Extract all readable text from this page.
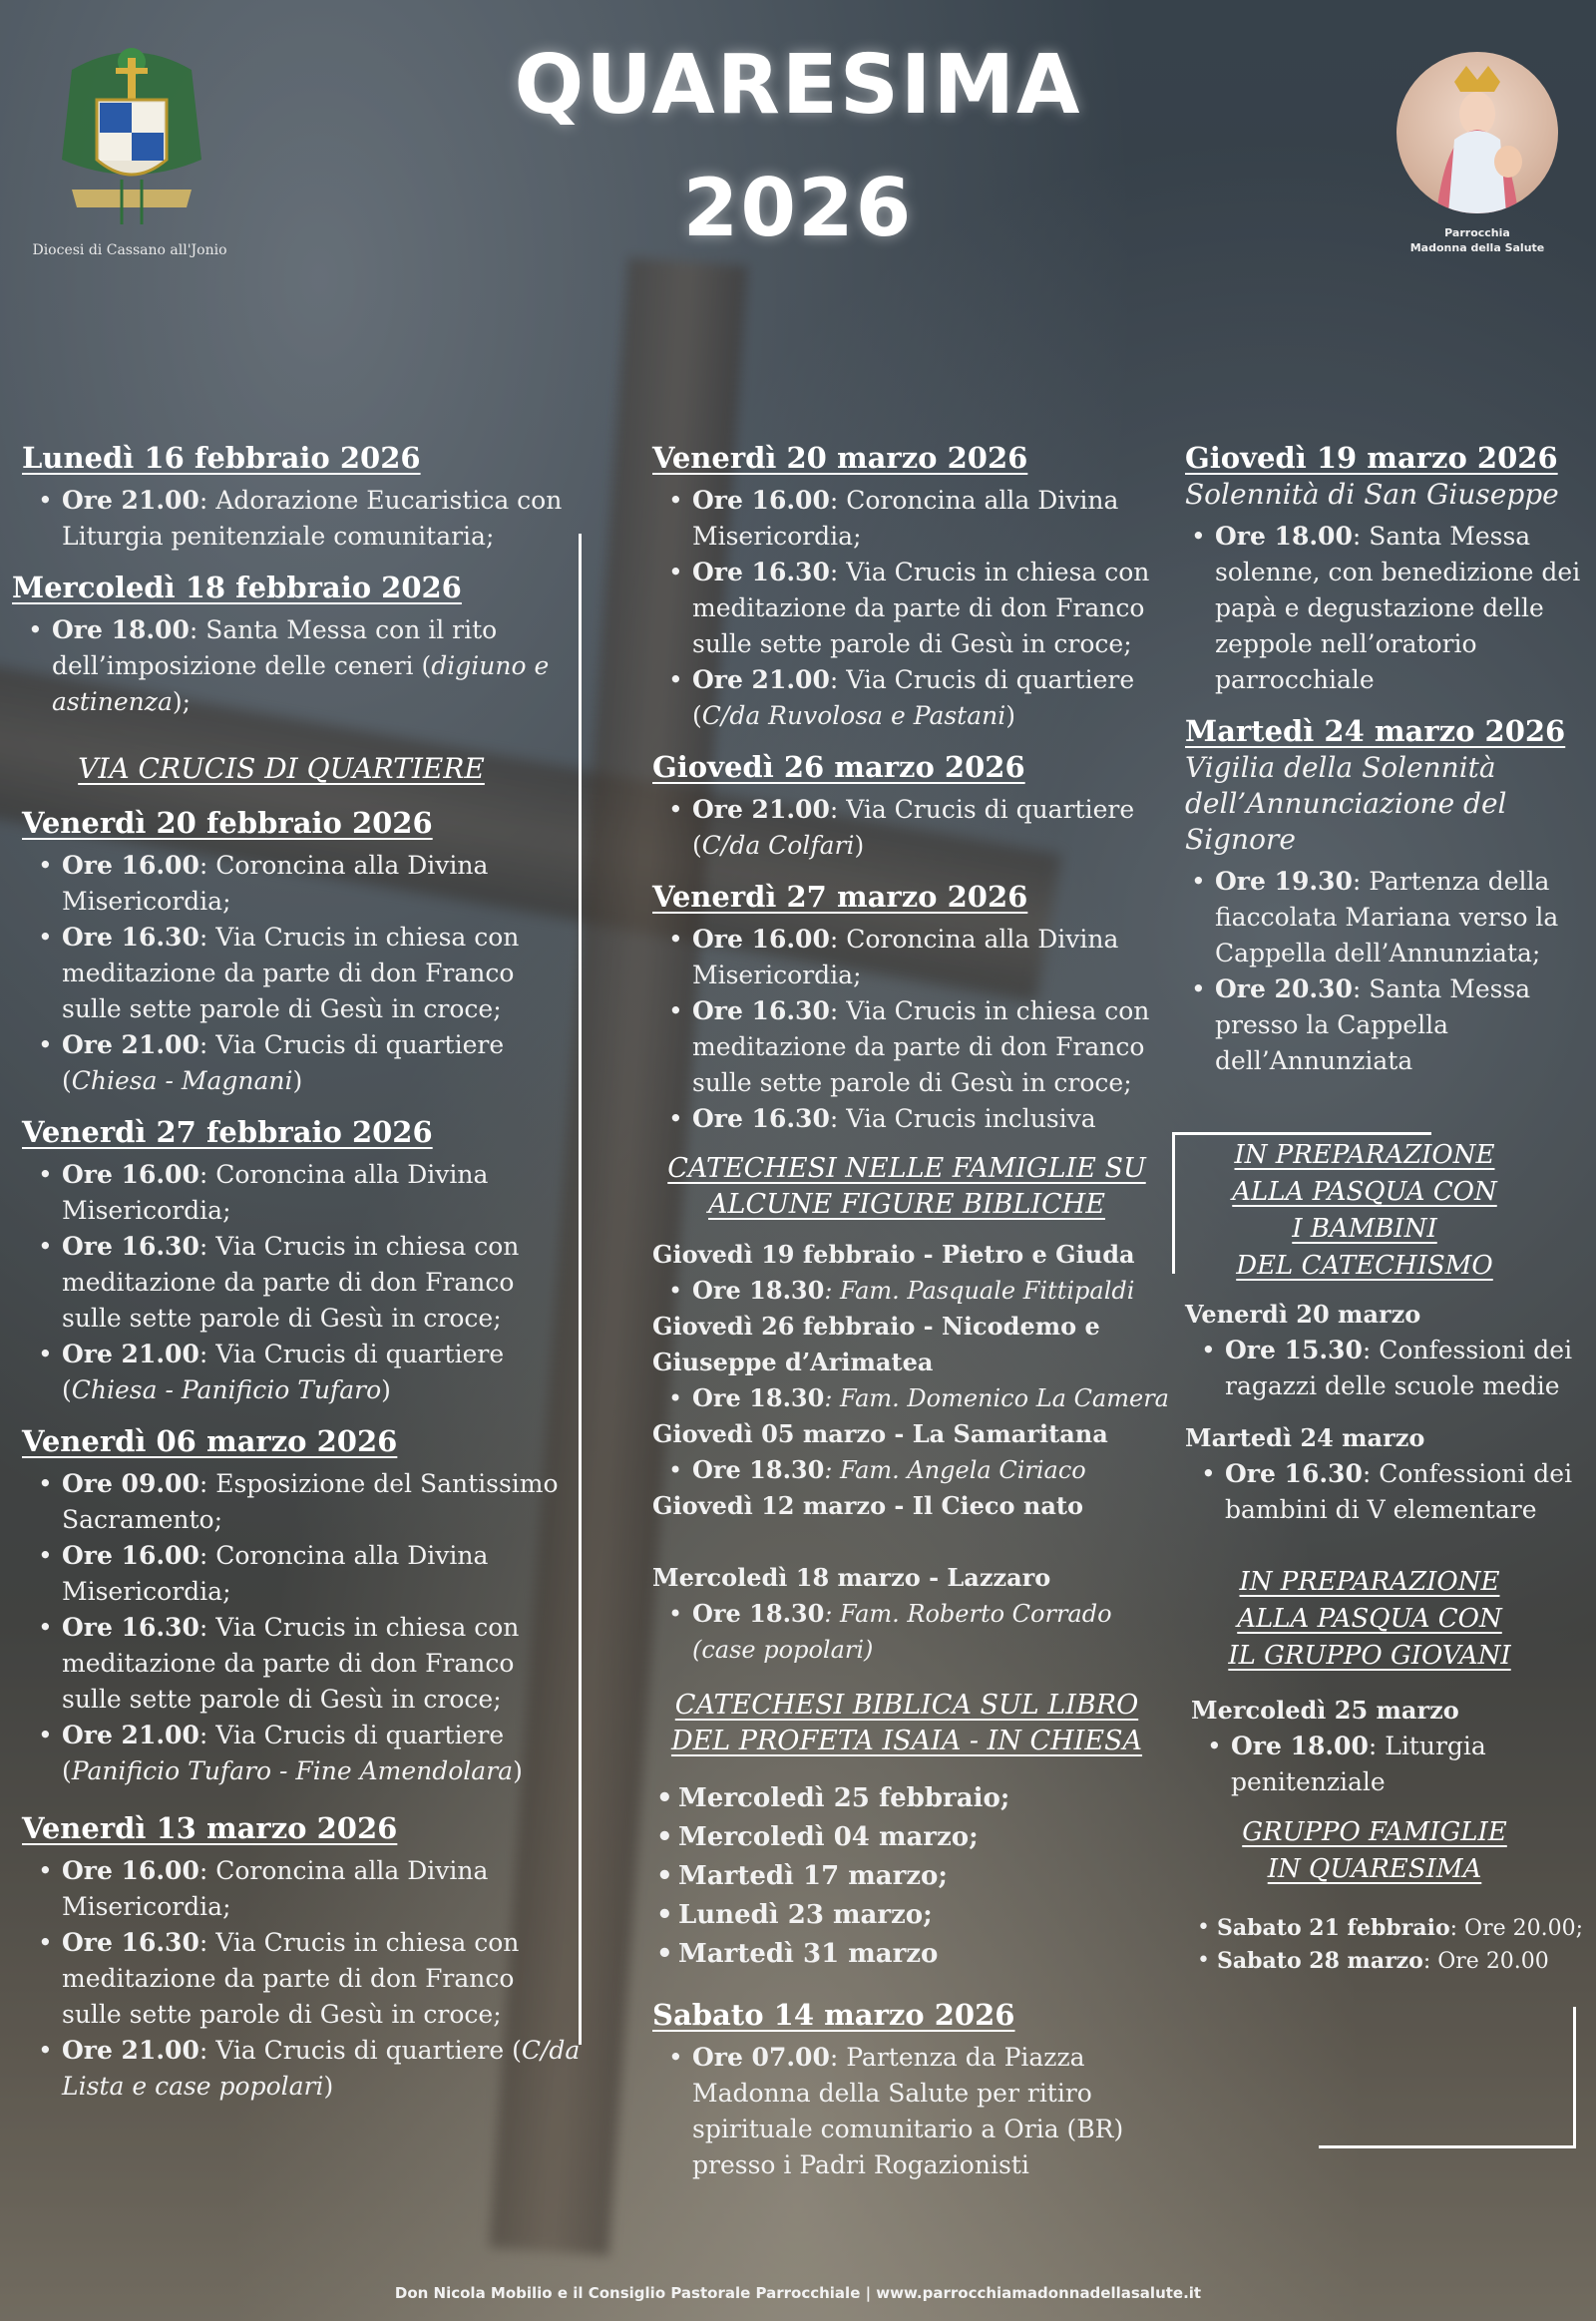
Diocesi di Cassano all'Jonio
QUARESIMA
2026	Parrocchia
Madonna della Salute
Lunedì 16 febbraio 2026
• Ore 21.00: Adorazione Eucaristica con Liturgia penitenziale comunitaria;
Mercoledì 18 febbraio 2026
• Ore 18.00: Santa Messa con il rito dell’imposizione delle ceneri (digiuno e astinenza);
VIA CRUCIS DI QUARTIERE
Venerdì 20 febbraio 2026
• Ore 16.00: Coroncina alla Divina Misericordia;
• Ore 16.30: Via Crucis in chiesa con meditazione da parte di don Franco sulle sette parole di Gesù in croce;
• Ore 21.00: Via Crucis di quartiere (Chiesa - Magnani)
Venerdì 27 febbraio 2026
• Ore 16.00: Coroncina alla Divina Misericordia;
• Ore 16.30: Via Crucis in chiesa con meditazione da parte di don Franco sulle sette parole di Gesù in croce;
• Ore 21.00: Via Crucis di quartiere (Chiesa - Panificio Tufaro)
Venerdì 06 marzo 2026
• Ore 09.00: Esposizione del Santissimo Sacramento;
• Ore 16.00: Coroncina alla Divina Misericordia;
• Ore 16.30: Via Crucis in chiesa con meditazione da parte di don Franco sulle sette parole di Gesù in croce;
• Ore 21.00: Via Crucis di quartiere (Panificio Tufaro - Fine Amendolara)
Venerdì 13 marzo 2026
• Ore 16.00: Coroncina alla Divina Misericordia;
• Ore 16.30: Via Crucis in chiesa con meditazione da parte di don Franco sulle sette parole di Gesù in croce;
• Ore 21.00: Via Crucis di quartiere (C/da Lista e case popolari)
Venerdì 20 marzo 2026
• Ore 16.00: Coroncina alla Divina Misericordia;
• Ore 16.30: Via Crucis in chiesa con meditazione da parte di don Franco sulle sette parole di Gesù in croce;
• Ore 21.00: Via Crucis di quartiere (C/da Ruvolosa e Pastani)
Giovedì 26 marzo 2026
• Ore 21.00: Via Crucis di quartiere (C/da Colfari)
Venerdì 27 marzo 2026
• Ore 16.00: Coroncina alla Divina Misericordia;
• Ore 16.30: Via Crucis in chiesa con meditazione da parte di don Franco sulle sette parole di Gesù in croce;
• Ore 16.30: Via Crucis inclusiva
CATECHESI NELLE FAMIGLIE SU
ALCUNE FIGURE BIBLICHE
Giovedì 19 febbraio - Pietro e Giuda
• Ore 18.30: Fam. Pasquale Fittipaldi
Giovedì 26 febbraio - Nicodemo e Giuseppe d’Arimatea
• Ore 18.30: Fam. Domenico La Camera
Giovedì 05 marzo - La Samaritana
• Ore 18.30: Fam. Angela Ciriaco
Giovedì 12 marzo - Il Cieco nato
Mercoledì 18 marzo - Lazzaro
• Ore 18.30: Fam. Roberto Corrado (case popolari)
CATECHESI BIBLICA SUL LIBRO
DEL PROFETA ISAIA - IN CHIESA
• Mercoledì 25 febbraio;
• Mercoledì 04 marzo;
• Martedì 17 marzo;
• Lunedì 23 marzo;
• Martedì 31 marzo
Sabato 14 marzo 2026
• Ore 07.00: Partenza da Piazza Madonna della Salute per ritiro spirituale comunitario a Oria (BR) presso i Padri Rogazionisti
Giovedì 19 marzo 2026
Solennità di San Giuseppe
• Ore 18.00: Santa Messa solenne, con benedizione dei papà e degustazione delle zeppole nell’oratorio parrocchiale
Martedì 24 marzo 2026
Vigilia della Solennità dell’Annunciazione del Signore
• Ore 19.30: Partenza della fiaccolata Mariana verso la Cappella dell’Annunziata;
• Ore 20.30: Santa Messa presso la Cappella dell’Annunziata
IN PREPARAZIONE
ALLA PASQUA CON
I BAMBINI
DEL CATECHISMO
Venerdì 20 marzo
• Ore 15.30: Confessioni dei ragazzi delle scuole medie
Martedì 24 marzo
• Ore 16.30: Confessioni dei bambini di V elementare
IN PREPARAZIONE
ALLA PASQUA CON
IL GRUPPO GIOVANI
Mercoledì 25 marzo
• Ore 18.00: Liturgia penitenziale
GRUPPO FAMIGLIE
IN QUARESIMA
• Sabato 21 febbraio: Ore 20.00;
• Sabato 28 marzo: Ore 20.00
Don Nicola Mobilio e il Consiglio Pastorale Parrocchiale | www.parrocchiamadonnadellasalute.it
